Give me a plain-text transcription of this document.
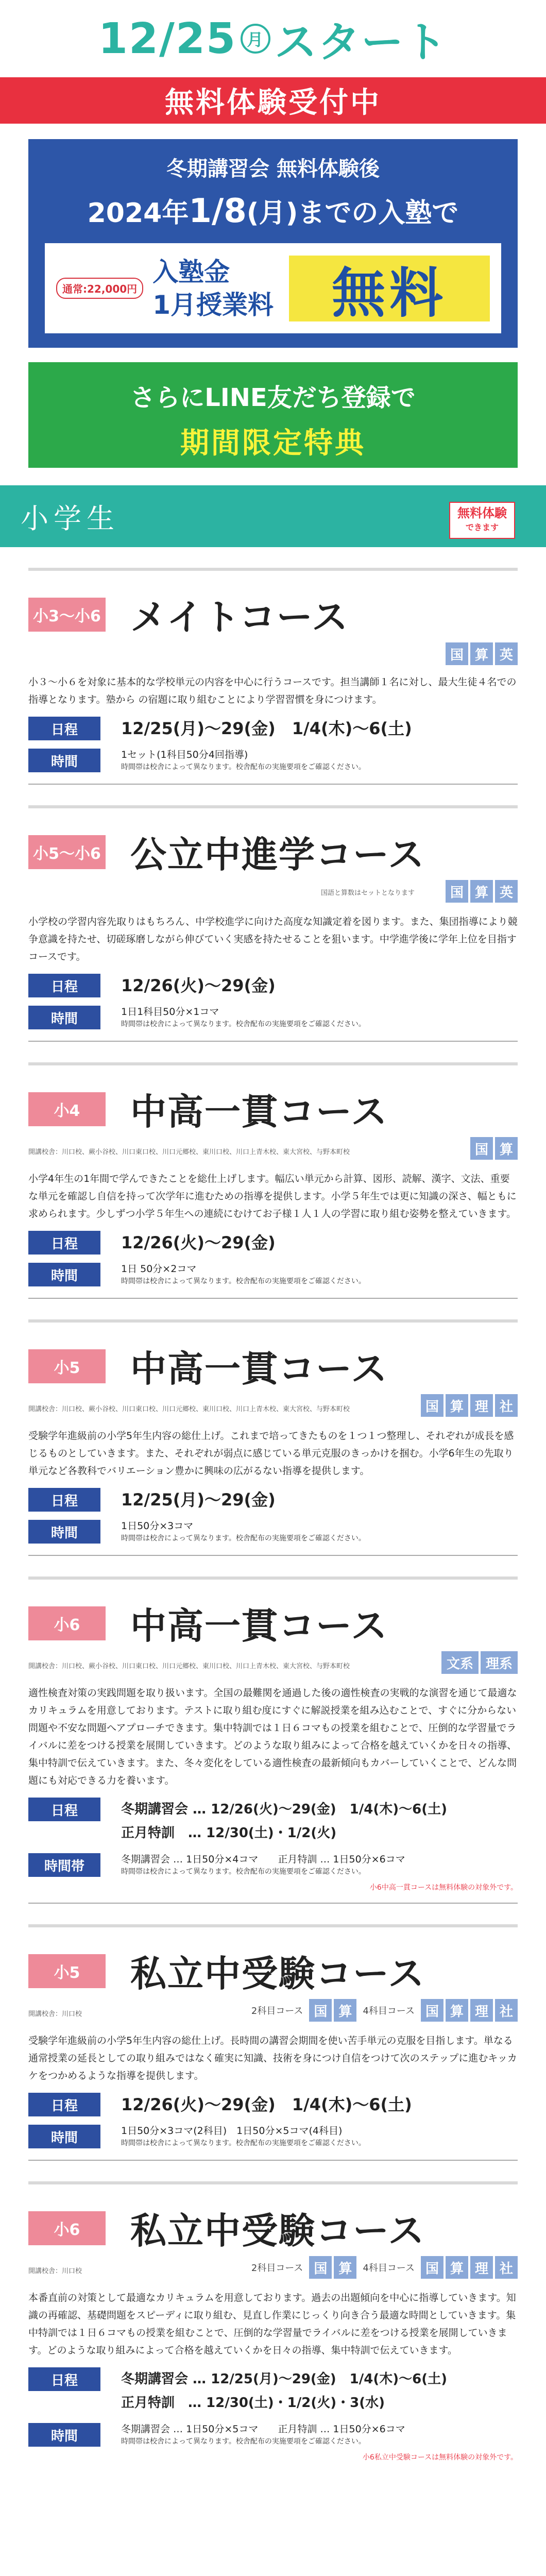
12/25 月 スタート
無料体験受付中
冬期講習会 無料体験後
2024年1/8(月)までの入塾で
通常:22,000円
入塾金
1月授業料	無料
さらにLINE友だち登録で
期間限定特典
小学生	無料体験
できます
小3～小6 メイトコース
国 算 英
小３～小６を対象に基本的な学校単元の内容を中心に行うコースです。担当講師１名に対し、最大生徒４名での指導となります。塾から の宿題に取り組むことにより学習習慣を身につけます。
日程	12/25(月)～29(金)　1/4(木)～6(土)
時間	1セット(1科目50分4回指導)
時間帯は校舎によって異なります。校舎配布の実施要項をご確認ください。
小5～小6 公立中進学コース
国語と算数はセットとなります	国 算 英
小学校の学習内容先取りはもちろん、中学校進学に向けた高度な知識定着を図ります。また、集団指導により競争意識を持たせ、切磋琢磨しながら伸びていく実感を持たせることを狙います。中学進学後に学年上位を目指すコースです。
日程	12/26(火)～29(金)
時間	1日1科目50分×1コマ
時間帯は校舎によって異なります。校舎配布の実施要項をご確認ください。
小4	中高一貫コース
開講校舎：川口校、蕨小谷校、川口東口校、川口元郷校、東川口校、川口上青木校、東大宮校、与野本町校	国 算
小学4年生の1年間で学んできたことを総仕上げします。幅広い単元から計算、図形、読解、漢字、文法、重要な単元を確認し自信を持って次学年に進むための指導を提供します。小学５年生では更に知識の深さ、幅ともに求められます。少しずつ小学５年生への連続にむけてお子様１人１人の学習に取り組む姿勢を整えていきます。
日程	12/26(火)～29(金)
時間	1日 50分×2コマ
時間帯は校舎によって異なります。校舎配布の実施要項をご確認ください。
小5	中高一貫コース
開講校舎：川口校、蕨小谷校、川口東口校、川口元郷校、東川口校、川口上青木校、東大宮校、与野本町校	国 算 理 社
受験学年進級前の小学5年生内容の総仕上げ。これまで培ってきたものを１つ１つ整理し、それぞれが成長を感じるものとしていきます。また、それぞれが弱点に感じている単元克服のきっかけを掴む。小学6年生の先取り単元など各教科でバリエーション豊かに興味の広がるない指導を提供します。
日程	12/25(月)～29(金)
時間	1日50分×3コマ
時間帯は校舎によって異なります。校舎配布の実施要項をご確認ください。
小6	中高一貫コース
開講校舎：川口校、蕨小谷校、川口東口校、川口元郷校、東川口校、川口上青木校、東大宮校、与野本町校	文系 理系
適性検査対策の実践問題を取り扱います。全国の最難関を通過した後の適性検査の実戦的な演習を通じて最適なカリキュラムを用意しております。テストに取り組む度にすぐに解説授業を組み込むことで、すぐに分からない問題や不安な問題へアプローチできます。集中特訓では１日６コマもの授業を組むことで、圧倒的な学習量でライバルに差をつける授業を展開していきます。どのような取り組みによって合格を越えていくかを日々の指導、集中特訓で伝えていきます。また、冬々変化をしている適性検査の最新傾向もカバーしていくことで、どんな問題にも対応できる力を養います。
日程	冬期講習会 … 12/26(火)～29(金)　1/4(木)～6(土)
正月特訓　… 12/30(土)・1/2(火)
時間帯	冬期講習会 … 1日50分×4コマ　　正月特訓 … 1日50分×6コマ
時間帯は校舎によって異なります。校舎配布の実施要項をご確認ください。
小6中高一貫コースは無料体験の対象外です。
小5	私立中受験コース
開講校舎：川口校	2科目コース 国 算	4科目コース 国 算 理 社
受験学年進級前の小学5年生内容の総仕上げ。長時間の講習会期間を使い苦手単元の克服を目指します。単なる通常授業の延長としての取り組みではなく確実に知識、技術を身につけ自信をつけて次のステップに進むキッカケをつかめるような指導を提供します。
日程	12/26(火)～29(金)　1/4(木)～6(土)
時間	1日50分×3コマ(2科目)　1日50分×5コマ(4科目)
時間帯は校舎によって異なります。校舎配布の実施要項をご確認ください。
小6	私立中受験コース
開講校舎：川口校	2科目コース 国 算	4科目コース 国 算 理 社
本番直前の対策として最適なカリキュラムを用意しております。過去の出題傾向を中心に指導していきます。知識の再確認、基礎問題をスピーディに取り組む、見直し作業にじっくり向き合う最適な時間としていきます。集中特訓では１日６コマもの授業を組むことで、圧倒的な学習量でライバルに差をつける授業を展開していきます。どのような取り組みによって合格を越えていくかを日々の指導、集中特訓で伝えていきます。
日程	冬期講習会 … 12/25(月)～29(金)　1/4(木)～6(土)
正月特訓　… 12/30(土)・1/2(火)・3(水)
時間	冬期講習会 … 1日50分×5コマ　　正月特訓 … 1日50分×6コマ
時間帯は校舎によって異なります。校舎配布の実施要項をご確認ください。
小6私立中受験コースは無料体験の対象外です。
